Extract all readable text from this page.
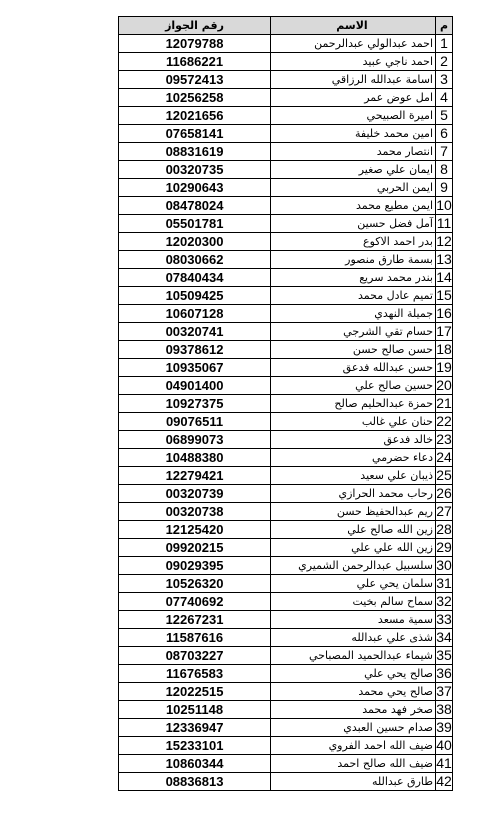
م	الاسم	رقم الجواز
1	احمد عبدالولي عبدالرحمن	12079788
2	احمد ناجي عبيد	11686221
3	اسامة عبدالله الرزاقي	09572413
4	امل عوض عمر	10256258
5	اميرة الصبيحي	12021656
6	امين محمد خليفة	07658141
7	انتصار محمد	08831619
8	ايمان علي صغير	00320735
9	ايمن الحربي	10290643
10	ايمن مطيع محمد	08478024
11	آمل فضل حسين	05501781
12	بدر احمد الاكوع	12020300
13	بسمة طارق منصور	08030662
14	بندر محمد سريع	07840434
15	تميم عادل محمد	10509425
16	جميلة النهدي	10607128
17	حسام تقي الشرجي	00320741
18	حسن صالح حسن	09378612
19	حسن عبدالله فدعق	10935067
20	حسين صالح علي	04901400
21	حمزة عبدالحليم صالح	10927375
22	حنان علي غالب	09076511
23	خالد فدعق	06899073
24	دعاء حضرمي	10488380
25	ذيبان علي سعيد	12279421
26	رحاب محمد الحرازي	00320739
27	ريم عبدالحفيظ حسن	00320738
28	زين الله صالح علي	12125420
29	زين الله علي علي	09920215
30	سلسبيل عبدالرحمن الشميري	09029395
31	سلمان يحي علي	10526320
32	سماح سالم بخيت	07740692
33	سمية مسعد	12267231
34	شذى علي عبدالله	11587616
35	شيماء عبدالحميد المصباحي	08703227
36	صالح يحي علي	11676583
37	صالح يحي محمد	12022515
38	صخر فهد محمد	10251148
39	صدام حسين العبدي	12336947
40	ضيف الله احمد الفروي	15233101
41	ضيف الله صالح احمد	10860344
42	طارق عبدالله	08836813
